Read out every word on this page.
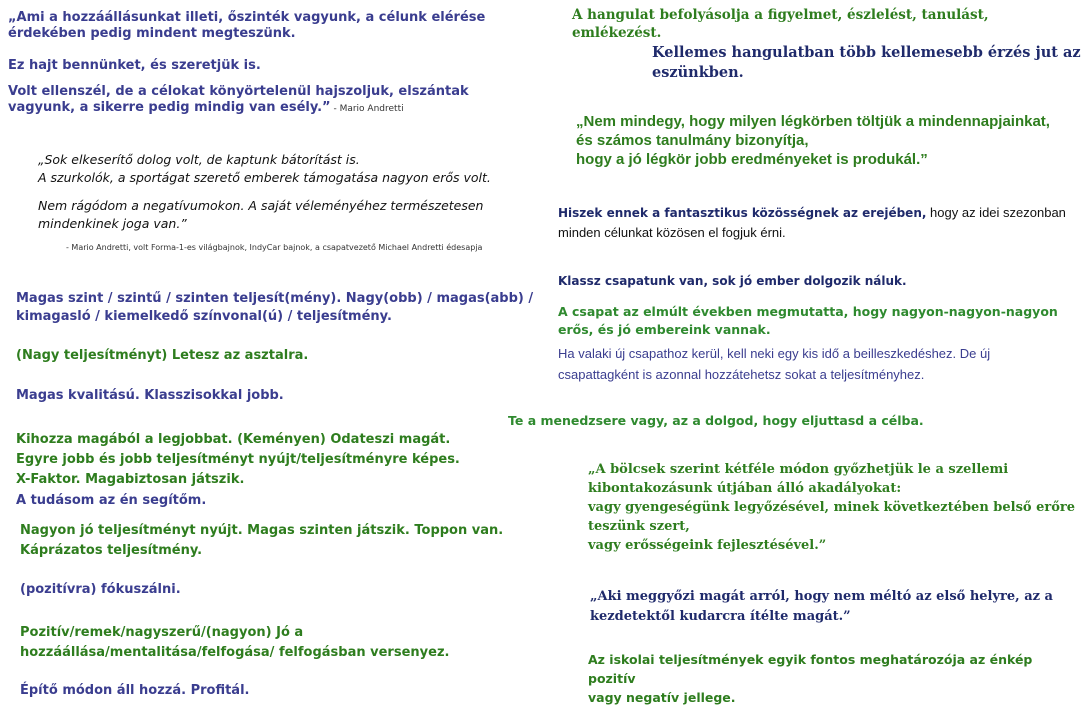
„Ami a hozzáállásunkat illeti, őszinték vagyunk, a célunk elérése
érdekében pedig mindent megteszünk.
Ez hajt bennünket, és szeretjük is.
Volt ellenszél, de a célokat könyörtelenül hajszoljuk, elszántak
vagyunk, a sikerre pedig mindig van esély.” - Mario Andretti
„Sok elkeserítő dolog volt, de kaptunk bátorítást is.
A szurkolók, a sportágat szerető emberek támogatása nagyon erős volt.
Nem rágódom a negatívumokon. A saját véleményéhez természetesen
mindenkinek joga van.”
- Mario Andretti, volt Forma-1-es világbajnok, IndyCar bajnok, a csapatvezető Michael Andretti édesapja
Magas szint / szintű / szinten teljesít(mény). Nagy(obb) / magas(abb) /
kimagasló / kiemelkedő színvonal(ú) / teljesítmény.
(Nagy teljesítményt) Letesz az asztalra.
Magas kvalitású. Klasszisokkal jobb.
Kihozza magából a legjobbat. (Keményen) Odateszi magát.
Egyre jobb és jobb teljesítményt nyújt/teljesítményre képes.
X-Faktor. Magabiztosan játszik.
A tudásom az én segítőm.
Nagyon jó teljesítményt nyújt. Magas szinten játszik. Toppon van.
Káprázatos teljesítmény.
(pozitívra) fókuszálni.
Pozitív/remek/nagyszerű/(nagyon) Jó a
hozzáállása/mentalitása/felfogása/ felfogásban versenyez.
Építő módon áll hozzá. Profitál.
A hangulat befolyásolja a figyelmet, észlelést, tanulást, emlékezést.
Kellemes hangulatban több kellemesebb érzés jut az
eszünkben.
„Nem mindegy, hogy milyen légkörben töltjük a mindennapjainkat,
és számos tanulmány bizonyítja,
hogy a jó légkör jobb eredményeket is produkál.”
Hiszek ennek a fantasztikus közösségnek az erejében, hogy az idei szezonban
minden célunkat közösen el fogjuk érni.
Klassz csapatunk van, sok jó ember dolgozik náluk.
A csapat az elmúlt években megmutatta, hogy nagyon-nagyon-nagyon
erős, és jó embereink vannak.
Ha valaki új csapathoz kerül, kell neki egy kis idő a beilleszkedéshez. De új
csapattagként is azonnal hozzátehetsz sokat a teljesítményhez.
Te a menedzsere vagy, az a dolgod, hogy eljuttasd a célba.
„A bölcsek szerint kétféle módon győzhetjük le a szellemi
kibontakozásunk útjában álló akadályokat:
vagy gyengeségünk legyőzésével, minek következtében belső erőre
teszünk szert,
vagy erősségeink fejlesztésével.”
„Aki meggyőzi magát arról, hogy nem méltó az első helyre, az a
kezdetektől kudarcra ítélte magát.”
Az iskolai teljesítmények egyik fontos meghatározója az énkép pozitív
vagy negatív jellege.
